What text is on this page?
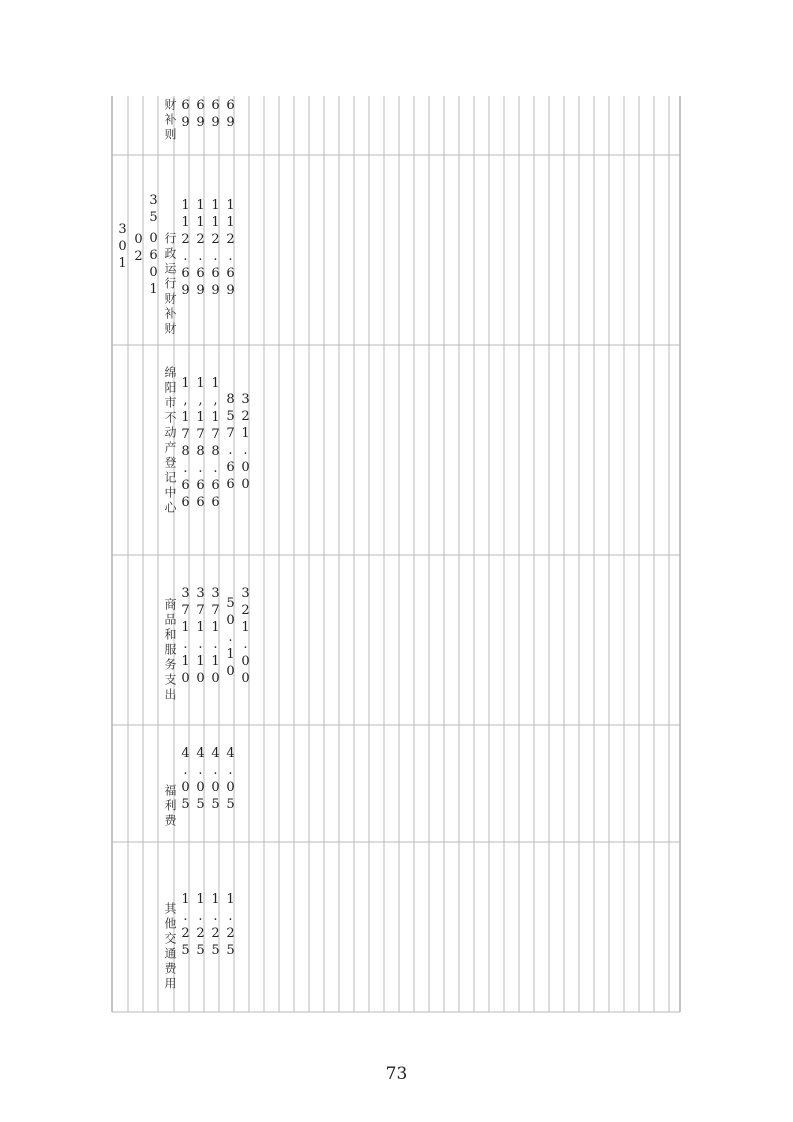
财补则 69 69 69 69
301 02
35
0601 行政运行财补财 112.69 112.69 112.69 112.69
绵阳市不动产登记中心 1,178.66 1,178.66 1,178.66 857.66 321.00
商品和服务支出 371.10 371.10 371.10 50.10 321.00
福利费 4.05 4.05 4.05 4.05
其他交通费用 1.25 1.25 1.25 1.25
73
